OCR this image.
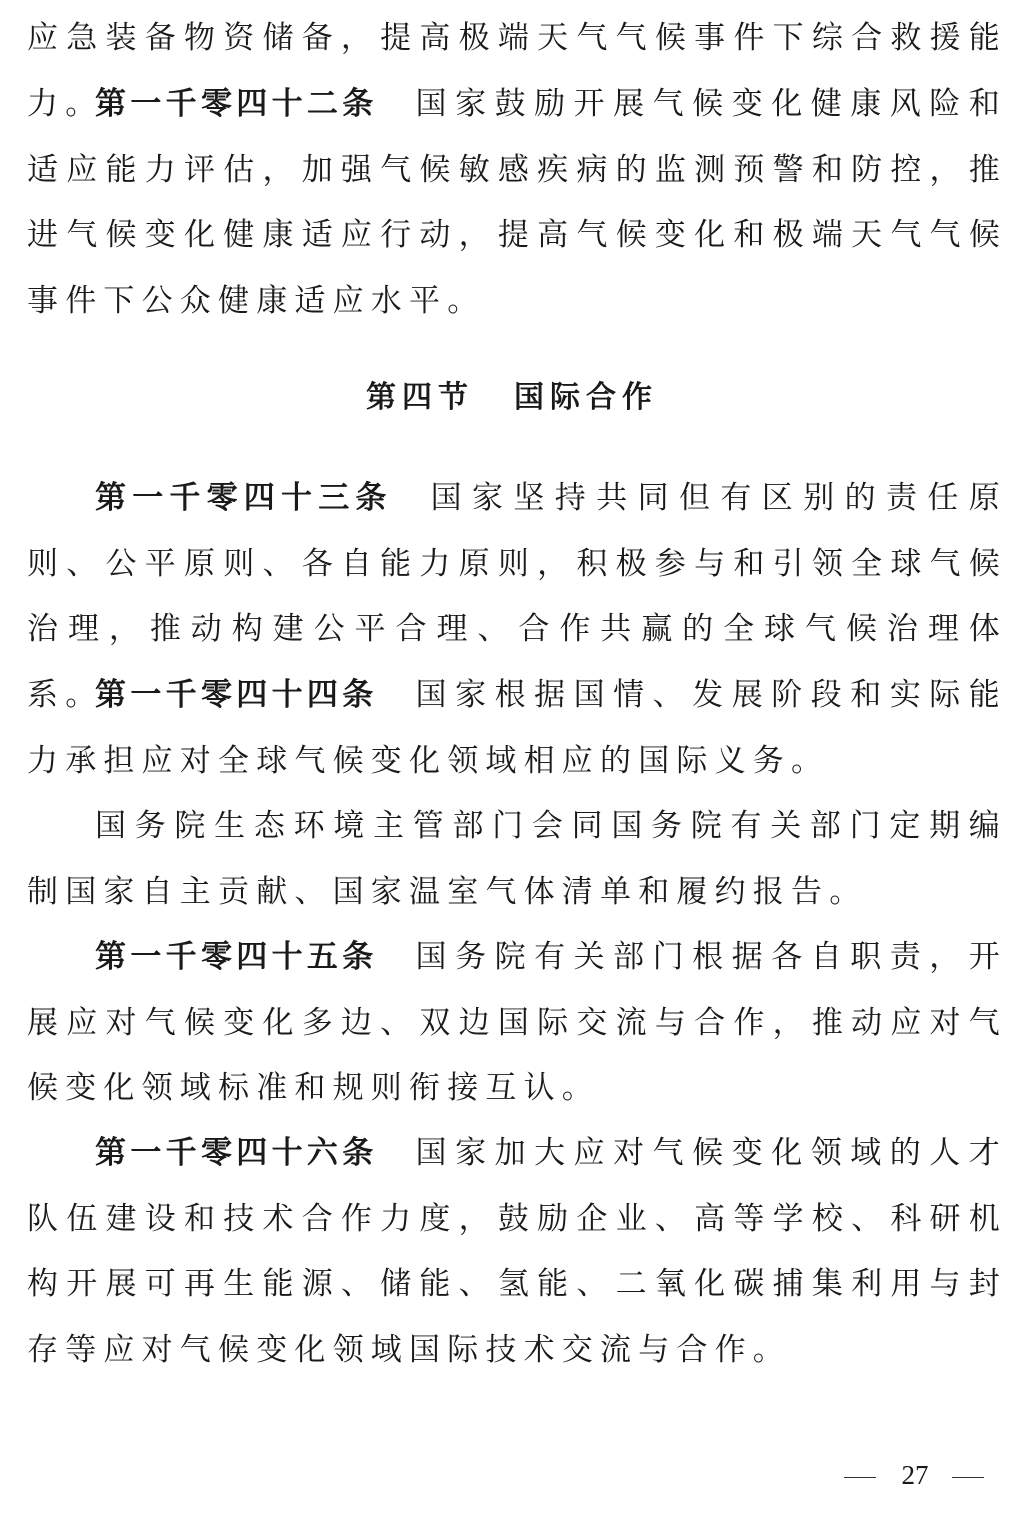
应急装备物资储备，提高极端天气气候事件下综合救援能力。

第一千零四十二条 国家鼓励开展气候变化健康风险和适应能力评估，加强气候敏感疾病的监测预警和防控，推进气候变化健康适应行动，提高气候变化和极端天气气候事件下公众健康适应水平。

第四节 国际合作

第一千零四十三条 国家坚持共同但有区别的责任原则、公平原则、各自能力原则，积极参与和引领全球气候治理，推动构建公平合理、合作共赢的全球气候治理体系。

第一千零四十四条 国家根据国情、发展阶段和实际能力承担应对全球气候变化领域相应的国际义务。

国务院生态环境主管部门会同国务院有关部门定期编制国家自主贡献、国家温室气体清单和履约报告。

第一千零四十五条 国务院有关部门根据各自职责，开展应对气候变化多边、双边国际交流与合作，推动应对气候变化领域标准和规则衔接互认。

第一千零四十六条 国家加大应对气候变化领域的人才队伍建设和技术合作力度，鼓励企业、高等学校、科研机构开展可再生能源、储能、氢能、二氧化碳捕集利用与封存等应对气候变化领域国际技术交流与合作。

27
